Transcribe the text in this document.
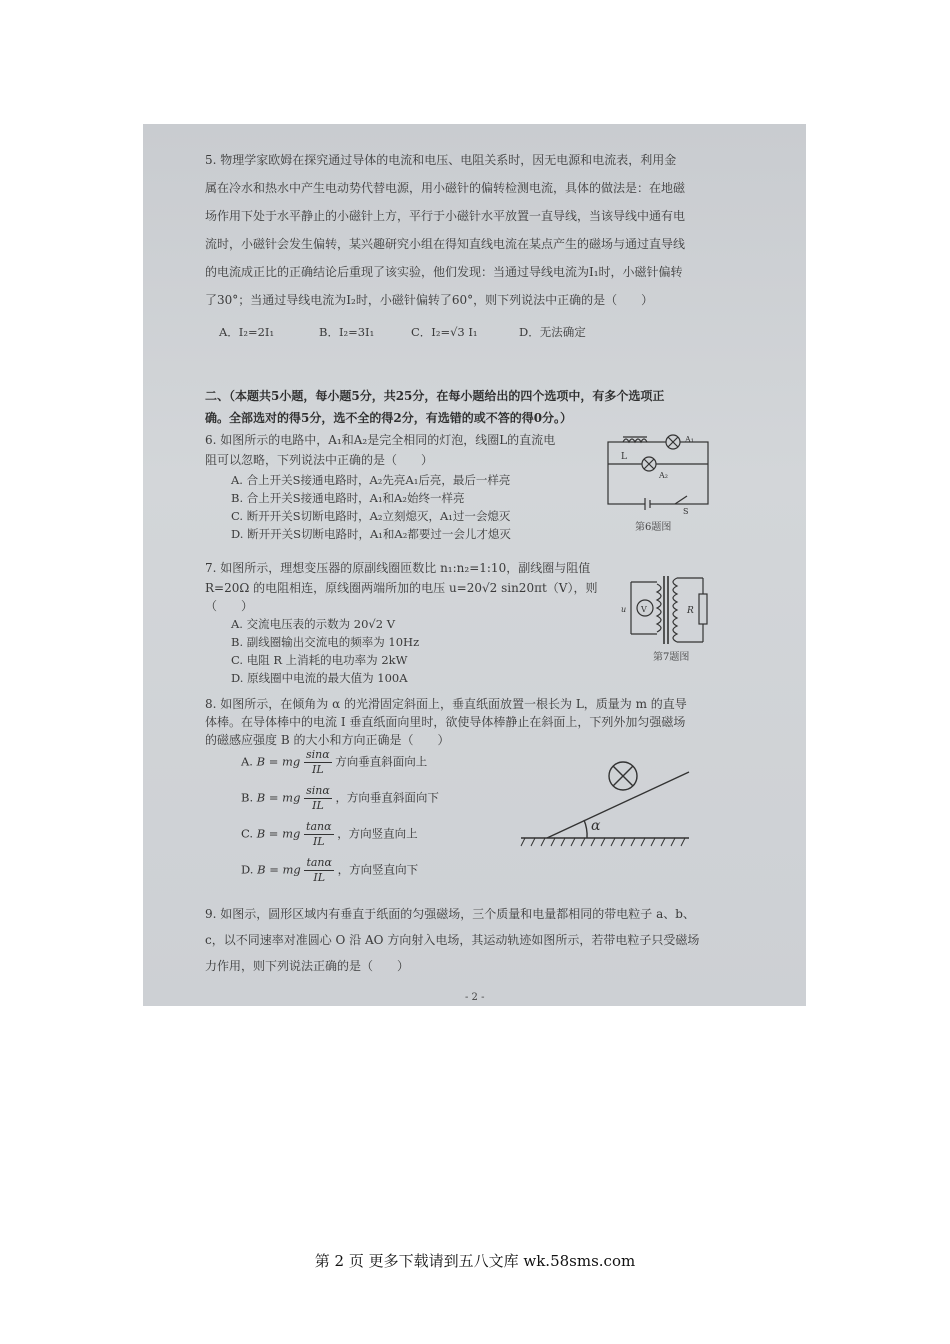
5. 物理学家欧姆在探究通过导体的电流和电压、电阻关系时，因无电源和电流表，利用金
属在冷水和热水中产生电动势代替电源，用小磁针的偏转检测电流，具体的做法是：在地磁
场作用下处于水平静止的小磁针上方，平行于小磁针水平放置一直导线，当该导线中通有电
流时，小磁针会发生偏转，某兴趣研究小组在得知直线电流在某点产生的磁场与通过直导线
的电流成正比的正确结论后重现了该实验，他们发现：当通过导线电流为I₁时，小磁针偏转
了30°；当通过导线电流为I₂时，小磁针偏转了60°，则下列说法中正确的是（　　）
A．I₂=2I₁	B．I₂=3I₁	C．I₂=√3 I₁	D．无法确定
二、（本题共5小题，每小题5分，共25分，在每小题给出的四个选项中，有多个选项正
确。全部选对的得5分，选不全的得2分，有选错的或不答的得0分。）
6. 如图所示的电路中，A₁和A₂是完全相同的灯泡，线圈L的直流电
阻可以忽略，下列说法中正确的是（　　）
A. 合上开关S接通电路时，A₂先亮A₁后亮，最后一样亮
B. 合上开关S接通电路时，A₁和A₂始终一样亮
C. 断开开关S切断电路时，A₂立刻熄灭，A₁过一会熄灭
D. 断开开关S切断电路时，A₁和A₂都要过一会儿才熄灭
A₁
L
A₂
S
第6题图
7. 如图所示，理想变压器的原副线圈匝数比 n₁:n₂=1:10，副线圈与阻值
R=20Ω 的电阻相连，原线圈两端所加的电压 u=20√2 sin20πt（V），则
（　　）
A. 交流电压表的示数为 20√2 V
B. 副线圈输出交流电的频率为 10Hz
C. 电阻 R 上消耗的电功率为 2kW
D. 原线圈中电流的最大值为 100A
u V	R
第7题图
8. 如图所示，在倾角为 α 的光滑固定斜面上，垂直纸面放置一根长为 L，质量为 m 的直导
体棒。在导体棒中的电流 I 垂直纸面向里时，欲使导体棒静止在斜面上，下列外加匀强磁场
的磁感应强度 B 的大小和方向正确是（　　）
A. B = mg $\frac{\sin\alpha}{IL}$ 方向垂直斜面向上
B. B = mg $\frac{\sin\alpha}{IL}$ ，方向垂直斜面向下
C. B = mg $\frac{\tan\alpha}{IL}$ ，方向竖直向上
D. B = mg $\frac{\tan\alpha}{IL}$ ，方向竖直向下
α
9. 如图示，圆形区域内有垂直于纸面的匀强磁场，三个质量和电量都相同的带电粒子 a、b、
c，以不同速率对准圆心 O 沿 AO 方向射入电场，其运动轨迹如图所示，若带电粒子只受磁场
力作用，则下列说法正确的是（　　）
- 2 -
第 2 页 更多下载请到五八文库 wk.58sms.com
